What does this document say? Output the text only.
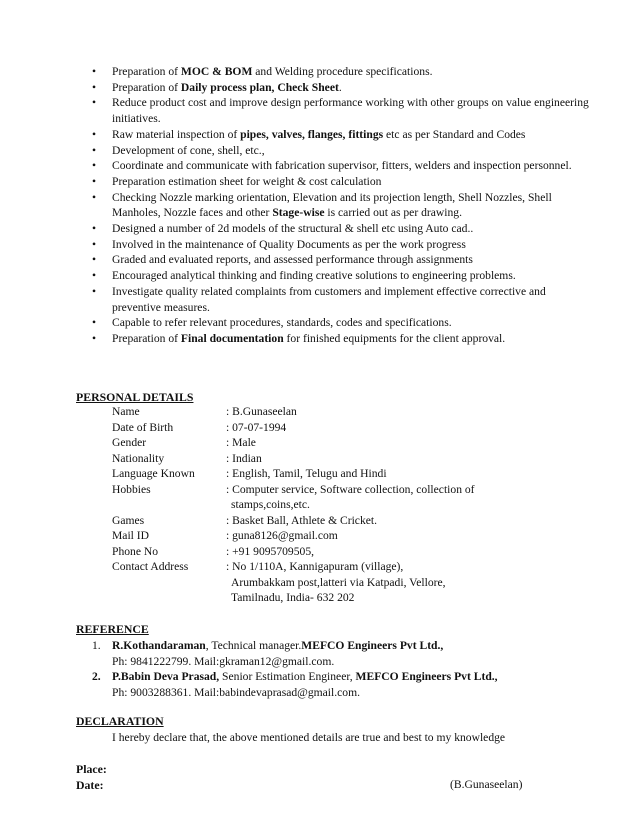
• Preparation of MOC & BOM and Welding procedure specifications.
• Preparation of Daily process plan, Check Sheet.
• Reduce product cost and improve design performance working with other groups on value engineering initiatives.
• Raw material inspection of pipes, valves, flanges, fittings etc as per Standard and Codes
• Development of cone, shell, etc.,
• Coordinate and communicate with fabrication supervisor, fitters, welders and inspection personnel.
• Preparation estimation sheet for weight & cost calculation
• Checking Nozzle marking orientation, Elevation and its projection length, Shell Nozzles, Shell Manholes, Nozzle faces and other Stage-wise is carried out as per drawing.
• Designed a number of 2d models of the structural & shell etc using Auto cad..
• Involved in the maintenance of Quality Documents as per the work progress
• Graded and evaluated reports, and assessed performance through assignments
• Encouraged analytical thinking and finding creative solutions to engineering problems.
• Investigate quality related complaints from customers and implement effective corrective and preventive measures.
• Capable to refer relevant procedures, standards, codes and specifications.
• Preparation of Final documentation for finished equipments for the client approval.
PERSONAL DETAILS
Name	: B.Gunaseelan
Date of Birth	: 07-07-1994
Gender	: Male
Nationality	: Indian
Language Known	: English, Tamil, Telugu and Hindi
Hobbies	: Computer service, Software collection, collection of
stamps,coins,etc.
Games	: Basket Ball, Athlete & Cricket.
Mail ID	: guna8126@gmail.com
Phone No	: +91 9095709505,
Contact Address	: No 1/110A, Kannigapuram (village),
Arumbakkam post,latteri via Katpadi, Vellore,
Tamilnadu, India- 632 202
REFERENCE
1. R.Kothandaraman, Technical manager.MEFCO Engineers Pvt Ltd.,
Ph: 9841222799. Mail:gkraman12@gmail.com.
2. P.Babin Deva Prasad, Senior Estimation Engineer, MEFCO Engineers Pvt Ltd.,
Ph: 9003288361. Mail:babindevaprasad@gmail.com.
DECLARATION
I hereby declare that, the above mentioned details are true and best to my knowledge
Place:
Date:	(B.Gunaseelan)
